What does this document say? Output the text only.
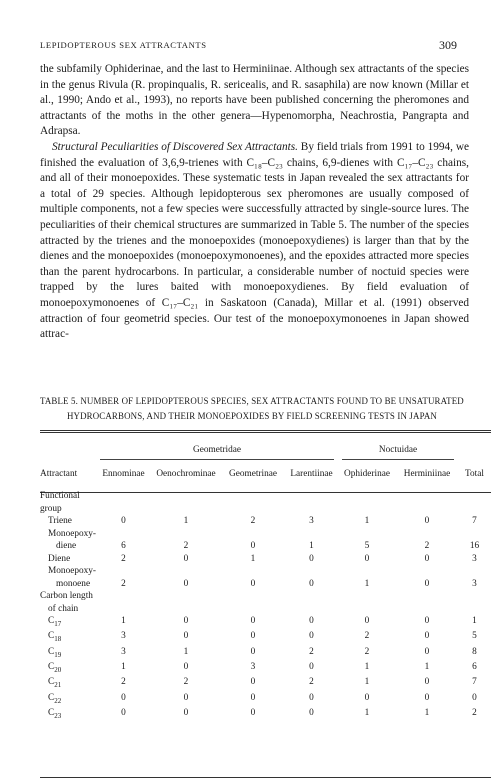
LEPIDOPTEROUS SEX ATTRACTANTS	309

the subfamily Ophiderinae, and the last to Herminiinae. Although sex attractants of the species in the genus Rivula (R. propinqualis, R. sericealis, and R. sasaphila) are now known (Millar et al., 1990; Ando et al., 1993), no reports have been published concerning the pheromones and attractants of the moths in the other genera—Hypenomorpha, Neachrostia, Pangrapta and Adrapsa.

Structural Peculiarities of Discovered Sex Attractants. By field trials from 1991 to 1994, we finished the evaluation of 3,6,9-trienes with C₁₈–C₂₃ chains, 6,9-dienes with C₁₇–C₂₃ chains, and all of their monoepoxides. These systematic tests in Japan revealed the sex attractants for a total of 29 species. Although lepidopterous sex pheromones are usually composed of multiple components, not a few species were successfully attracted by single-source lures. The peculiarities of their chemical structures are summarized in Table 5. The number of the species attracted by the trienes and the monoepoxides (monoepoxydienes) is larger than that by the dienes and the monoepoxides (monoepoxymonoenes), and the epoxides attracted more species than the parent hydrocarbons. In particular, a considerable number of noctuid species were trapped by the lures baited with monoepoxydienes. By field evaluation of monoepoxymonoenes of C₁₇–C₂₁ in Saskatoon (Canada), Millar et al. (1991) observed attraction of four geometrid species. Our test of the monoepoxymonoenes in Japan showed attrac-

TABLE 5. NUMBER OF LEPIDOPTEROUS SPECIES, SEX ATTRACTANTS FOUND TO BE UNSATURATED
HYDROCARBONS, AND THEIR MONOEPOXIDES BY FIELD SCREENING TESTS IN JAPAN

	Geometridae				Noctuidae		

Attractant	Ennominae	Oenochrominae	Geometrinae	Larentiinae	Ophiderinae	Herminiinae	Total

Functional group							

Triene	0	1	2	3	1	0	7
Monoepoxy-							
diene	6	2	0	1	5	2	16
Diene	2	0	1	0	0	0	3
Monoepoxy-							
monoene	2	0	0	0	1	0	3
Carbon length							
of chain							
$C_{17}$	1	0	0	0	0	0	1
$C_{18}$	3	0	0	0	2	0	5
$C_{19}$	3	1	0	2	2	0	8
$C_{20}$	1	0	3	0	1	1	6
$C_{21}$	2	2	0	2	1	0	7
$C_{22}$	0	0	0	0	0	0	0
$C_{23}$	0	0	0	0	1	1	2
